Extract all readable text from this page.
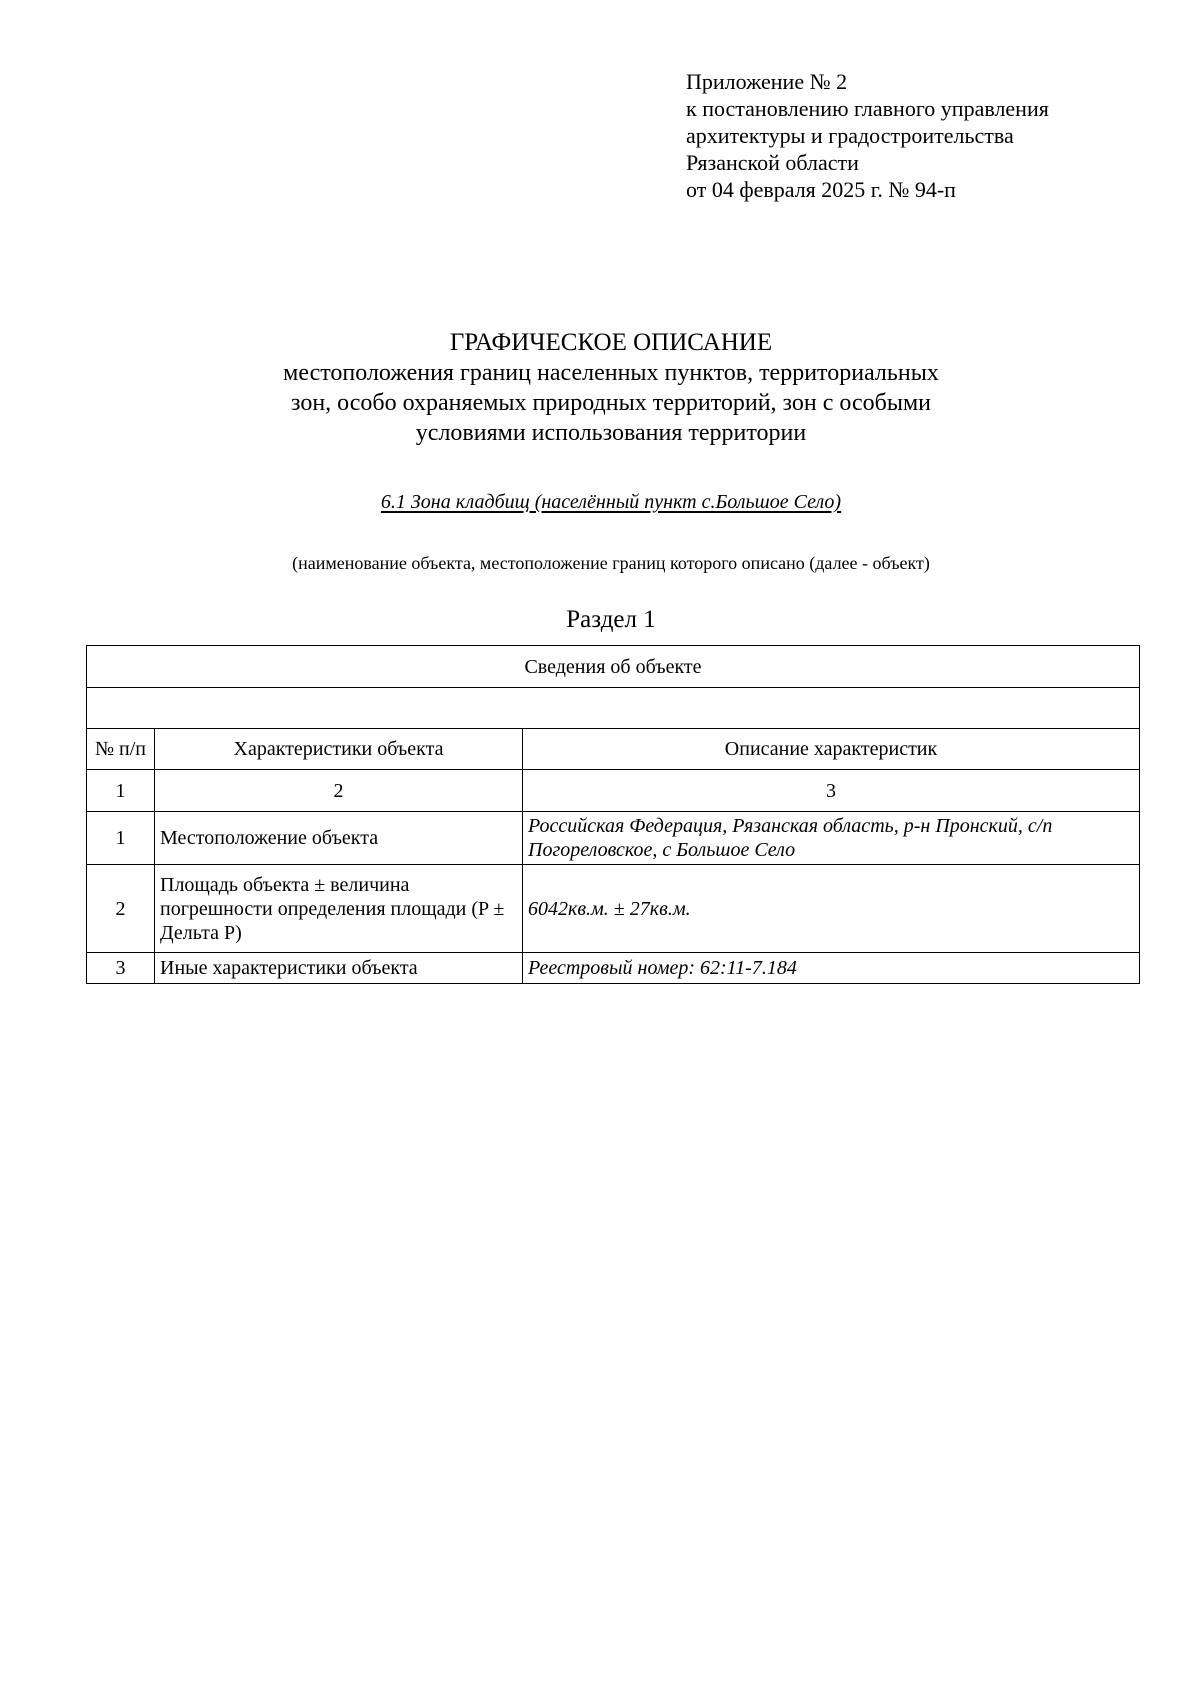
Приложение № 2
к постановлению главного управления
архитектуры и градостроительства
Рязанской области
от 04 февраля 2025 г. № 94-п
ГРАФИЧЕСКОЕ ОПИСАНИЕ
местоположения границ населенных пунктов, территориальных
зон, особо охраняемых природных территорий, зон с особыми
условиями использования территории
6.1 Зона кладбищ (населённый пункт с.Большое Село)
(наименование объекта, местоположение границ которого описано (далее - объект)
Раздел 1
Сведения об объекте		

№ п/п	Характеристики объекта	Описание характеристик
1	2	3
1	Местоположение объекта	Российская Федерация, Рязанская область, р-н Пронский, с/п Погореловское, с Большое Село
2	Площадь объекта ± величина погрешности определения площади (P ± Дельта P)	6042кв.м. ± 27кв.м.
3	Иные характеристики объекта	Реестровый номер: 62:11-7.184
